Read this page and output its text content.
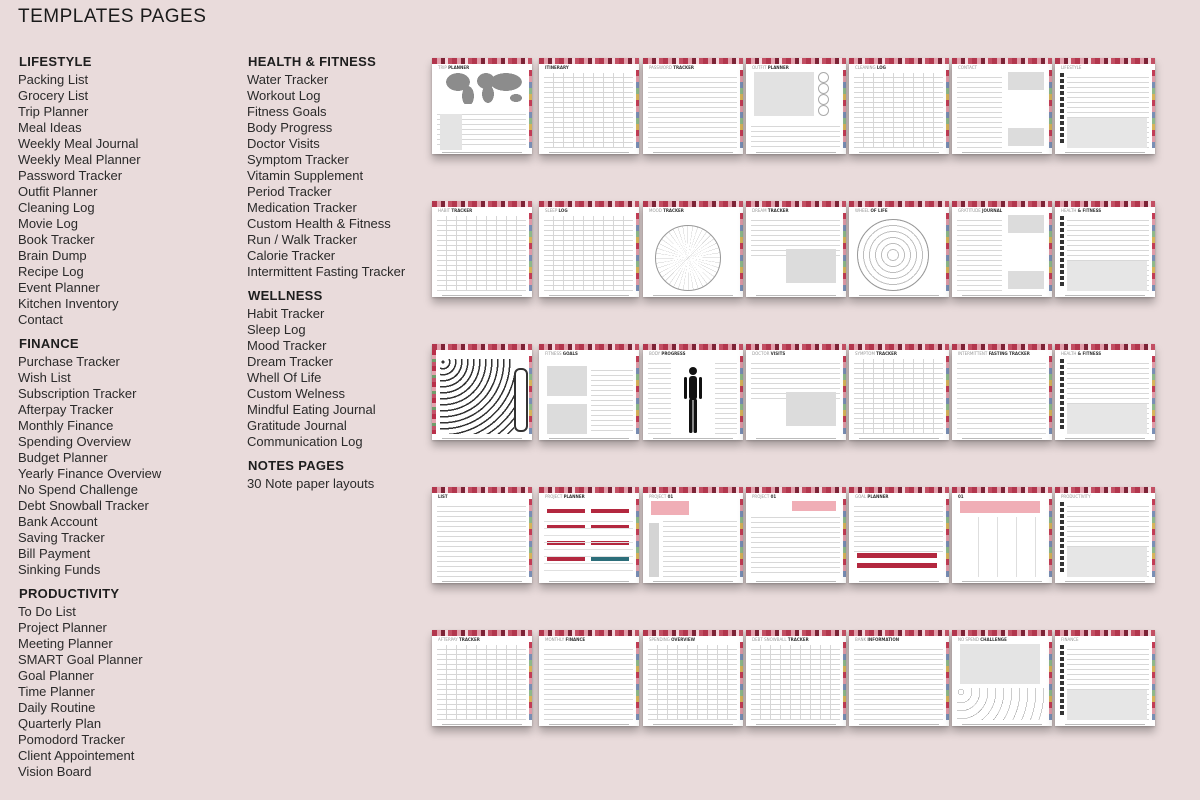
TEMPLATES PAGES
LIFESTYLE
Packing List
Grocery List
Trip Planner
Meal Ideas
Weekly Meal Journal
Weekly Meal Planner
Password Tracker
Outfit Planner
Cleaning Log
Movie Log
Book Tracker
Brain Dump
Recipe Log
Event Planner
Kitchen Inventory
Contact
FINANCE
Purchase Tracker
Wish List
Subscription Tracker
Afterpay Tracker
Monthly Finance
Spending Overview
Budget Planner
Yearly Finance Overview
No Spend Challenge
Debt Snowball Tracker
Bank Account
Saving Tracker
Bill Payment
Sinking Funds
PRODUCTIVITY
To Do List
Project Planner
Meeting Planner
SMART Goal Planner
Goal Planner
Time Planner
Daily Routine
Quarterly Plan
Pomodord Tracker
Client Appointement
Vision Board
HEALTH & FITNESS
Water Tracker
Workout Log
Fitness Goals
Body Progress
Doctor Visits
Symptom Tracker
Vitamin Supplement
Period Tracker
Medication Tracker
Custom Health & Fitness
Run / Walk Tracker
Calorie Tracker
Intermittent Fasting Tracker
WELLNESS
Habit Tracker
Sleep Log
Mood Tracker
Dream Tracker
Whell Of Life
Custom Welness
Mindful Eating Journal
Gratitude Journal
Communication Log
NOTES PAGES
30 Note paper layouts
TRIP PLANNER	ITINERARY	PASSWORD TRACKER	OUTFIT PLANNER	CLEANING LOG	CONTACT	LIFESTYLE
HABIT TRACKER	SLEEP LOG	MOOD TRACKER	DREAM TRACKER	WHEEL OF LIFE	GRATITUDE JOURNAL	HEALTH & FITNESS
FITNESS GOALS	BODY PROGRESS	DOCTOR VISITS	SYMPTOM TRACKER	INTERMITTENT FASTING TRACKER	HEALTH & FITNESS
LIST	PROJECT PLANNER	PROJECT 01	PROJECT 01	GOAL PLANNER	01	PRODUCTIVITY
AFTERPAY TRACKER	MONTHLY FINANCE	SPENDING OVERVIEW	DEBT SNOWBALL TRACKER	BANK INFORMATION	NO SPEND CHALLENGE	FINANCE
